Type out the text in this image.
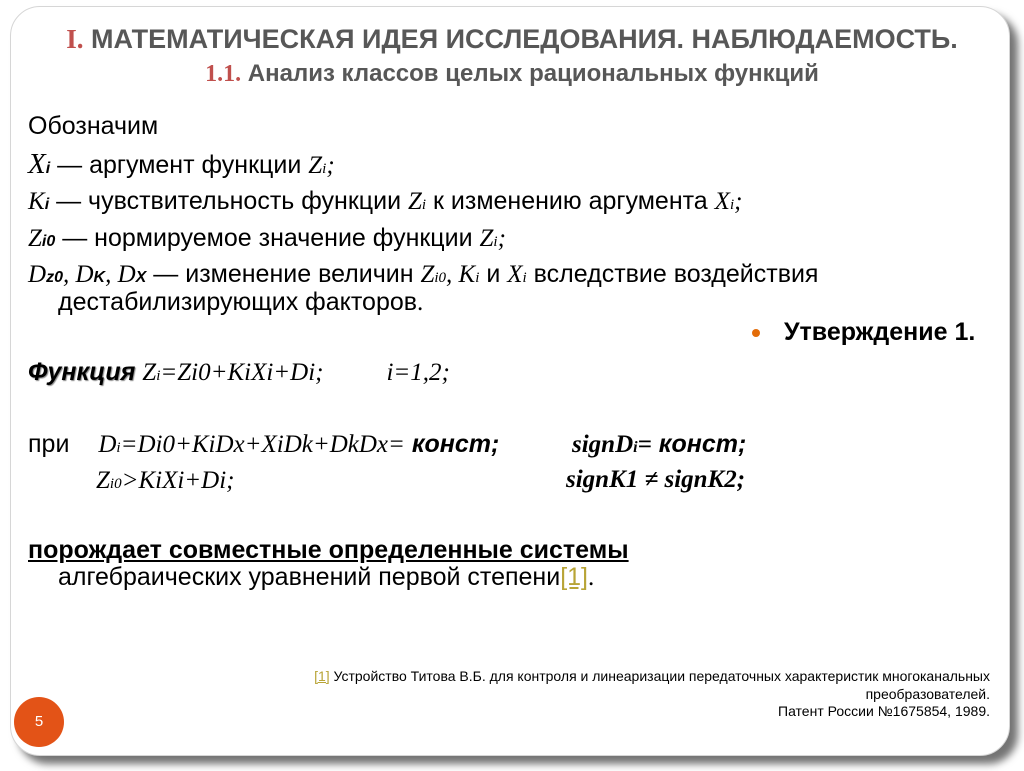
I. МАТЕМАТИЧЕСКАЯ ИДЕЯ ИССЛЕДОВАНИЯ. НАБЛЮДАЕМОСТЬ.
1.1. Анализ классов целых рациональных функций
Обозначим
Xi — аргумент функции Zi;
Ki — чувствительность функции Zi к изменению аргумента Xi;
Zi0 — нормируемое значение функции Zi;
Dz0, DK, DX — изменение величин Zi0, Ki и Xi вследствие воздействия
дестабилизирующих факторов.
Утверждение 1.
Функция Zi=Zi0+KiXi+Di;	i=1,2;
при Di=Di0+KiDx+XiDk+DkDx= конст;	signDi= конст;
Zi0>KiXi+Di;	signK1 ≠ signK2;
порождает совместные определенные системы
алгебраических уравнений первой степени[1].
[1] Устройство Титова В.Б. для контроля и линеаризации передаточных характеристик многоканальных
преобразователей.
Патент России №1675854, 1989.
5
